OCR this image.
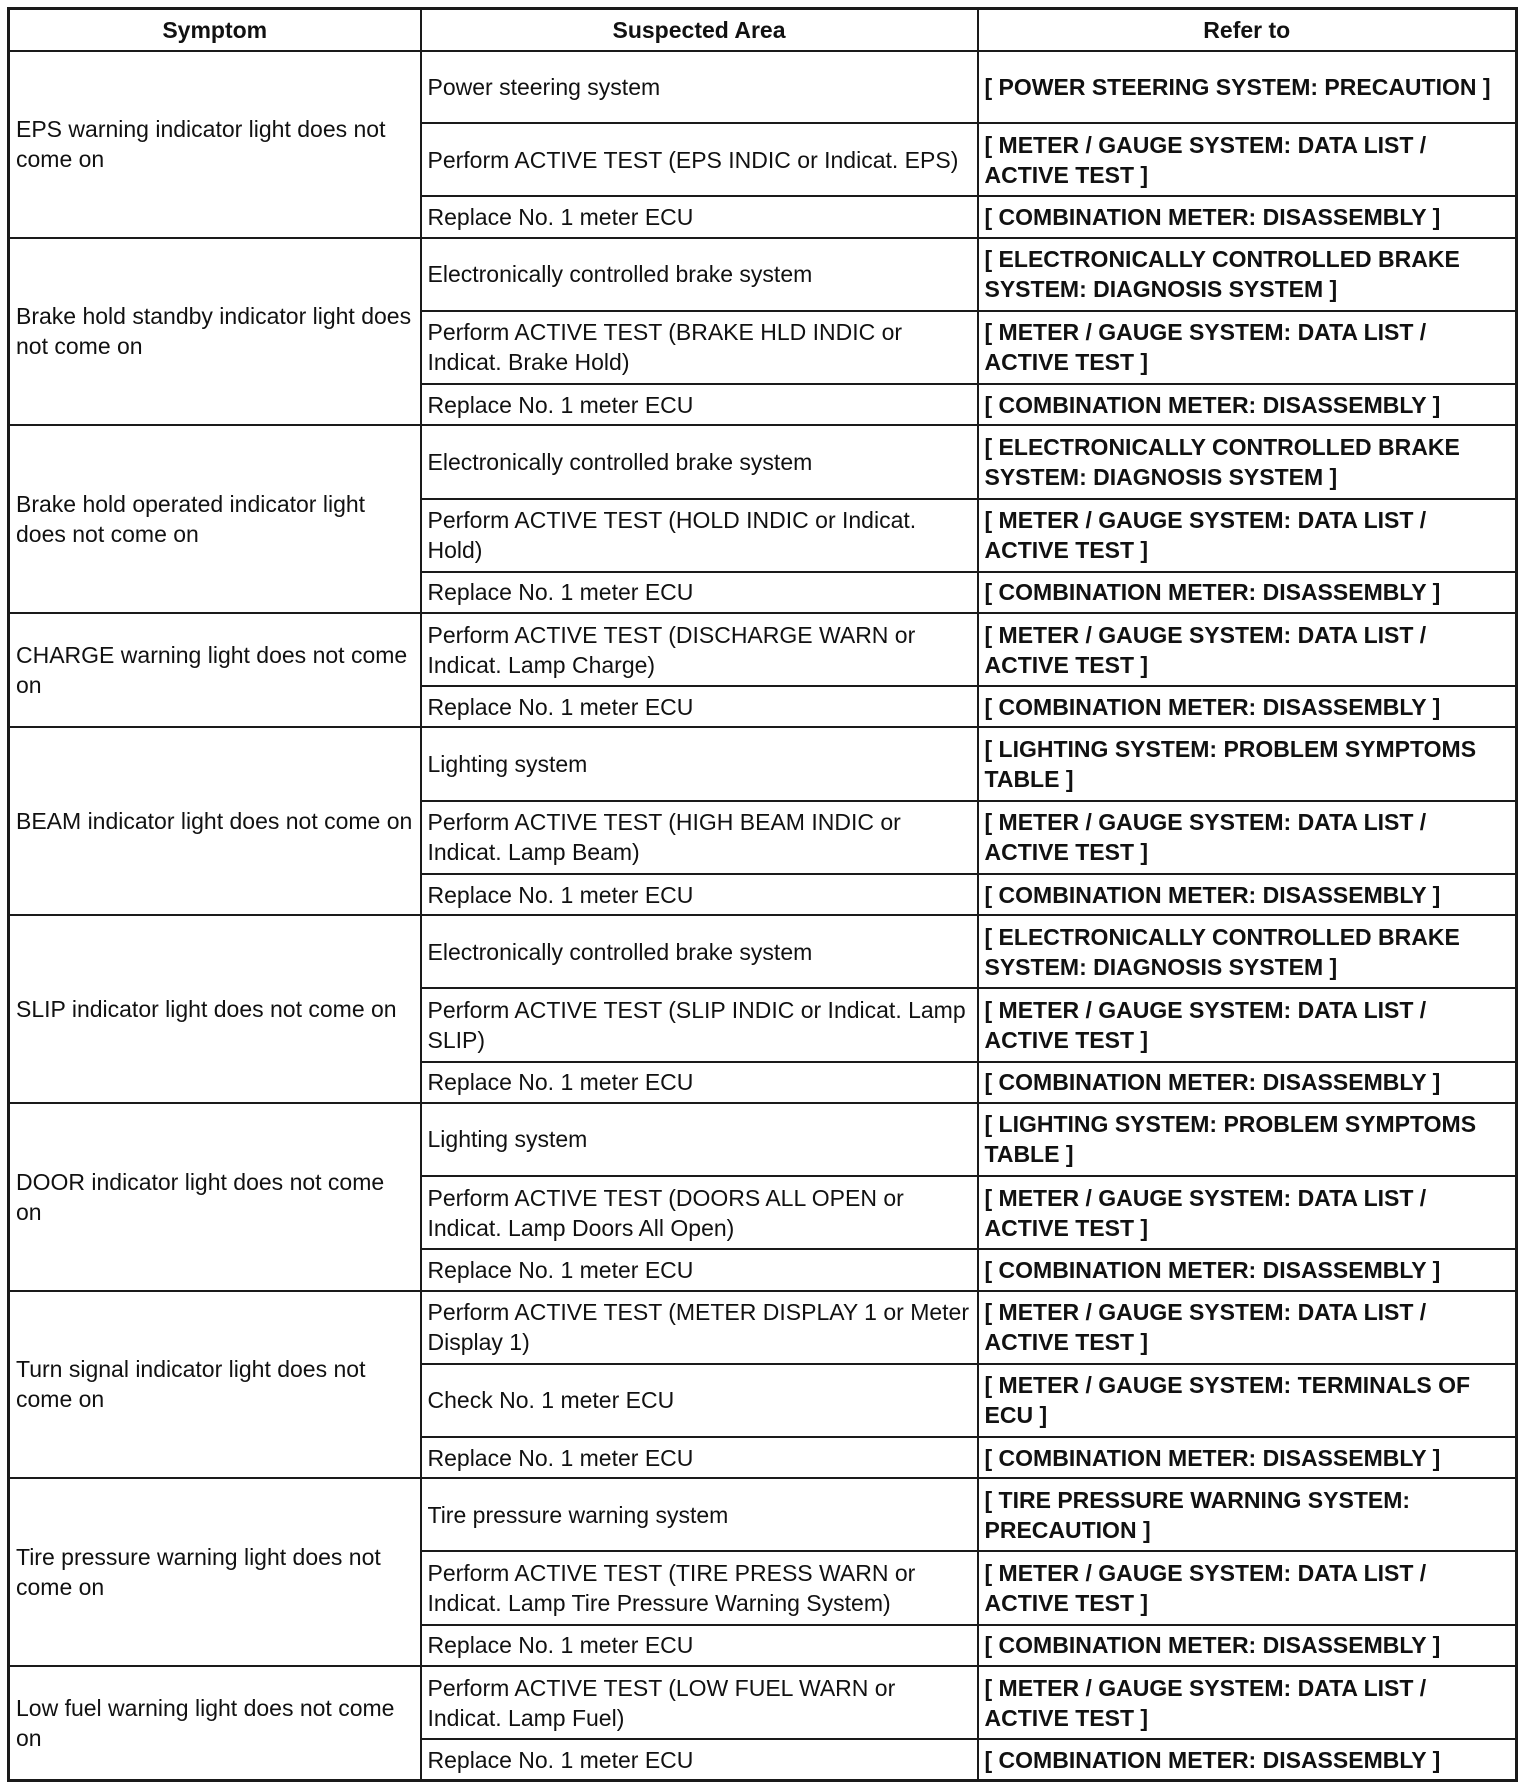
Symptom	Suspected Area	Refer to
EPS warning indicator light does not come on	Power steering system	[ POWER STEERING SYSTEM: PRECAUTION ]
	Perform ACTIVE TEST (EPS INDIC or Indicat. EPS)	[ METER / GAUGE SYSTEM: DATA LIST / ACTIVE TEST ]
	Replace No. 1 meter ECU	[ COMBINATION METER: DISASSEMBLY ]
Brake hold standby indicator light does not come on	Electronically controlled brake system	[ ELECTRONICALLY CONTROLLED BRAKE SYSTEM: DIAGNOSIS SYSTEM ]
	Perform ACTIVE TEST (BRAKE HLD INDIC or Indicat. Brake Hold)	[ METER / GAUGE SYSTEM: DATA LIST / ACTIVE TEST ]
	Replace No. 1 meter ECU	[ COMBINATION METER: DISASSEMBLY ]
Brake hold operated indicator light does not come on	Electronically controlled brake system	[ ELECTRONICALLY CONTROLLED BRAKE SYSTEM: DIAGNOSIS SYSTEM ]
	Perform ACTIVE TEST (HOLD INDIC or Indicat. Hold)	[ METER / GAUGE SYSTEM: DATA LIST / ACTIVE TEST ]
	Replace No. 1 meter ECU	[ COMBINATION METER: DISASSEMBLY ]
CHARGE warning light does not come on	Perform ACTIVE TEST (DISCHARGE WARN or Indicat. Lamp Charge)	[ METER / GAUGE SYSTEM: DATA LIST / ACTIVE TEST ]
	Replace No. 1 meter ECU	[ COMBINATION METER: DISASSEMBLY ]
BEAM indicator light does not come on	Lighting system	[ LIGHTING SYSTEM: PROBLEM SYMPTOMS TABLE ]
	Perform ACTIVE TEST (HIGH BEAM INDIC or Indicat. Lamp Beam)	[ METER / GAUGE SYSTEM: DATA LIST / ACTIVE TEST ]
	Replace No. 1 meter ECU	[ COMBINATION METER: DISASSEMBLY ]
SLIP indicator light does not come on	Electronically controlled brake system	[ ELECTRONICALLY CONTROLLED BRAKE SYSTEM: DIAGNOSIS SYSTEM ]
	Perform ACTIVE TEST (SLIP INDIC or Indicat. Lamp SLIP)	[ METER / GAUGE SYSTEM: DATA LIST / ACTIVE TEST ]
	Replace No. 1 meter ECU	[ COMBINATION METER: DISASSEMBLY ]
DOOR indicator light does not come on	Lighting system	[ LIGHTING SYSTEM: PROBLEM SYMPTOMS TABLE ]
	Perform ACTIVE TEST (DOORS ALL OPEN or Indicat. Lamp Doors All Open)	[ METER / GAUGE SYSTEM: DATA LIST / ACTIVE TEST ]
	Replace No. 1 meter ECU	[ COMBINATION METER: DISASSEMBLY ]
Turn signal indicator light does not come on	Perform ACTIVE TEST (METER DISPLAY 1 or Meter Display 1)	[ METER / GAUGE SYSTEM: DATA LIST / ACTIVE TEST ]
	Check No. 1 meter ECU	[ METER / GAUGE SYSTEM: TERMINALS OF ECU ]
	Replace No. 1 meter ECU	[ COMBINATION METER: DISASSEMBLY ]
Tire pressure warning light does not come on	Tire pressure warning system	[ TIRE PRESSURE WARNING SYSTEM: PRECAUTION ]
	Perform ACTIVE TEST (TIRE PRESS WARN or Indicat. Lamp Tire Pressure Warning System)	[ METER / GAUGE SYSTEM: DATA LIST / ACTIVE TEST ]
	Replace No. 1 meter ECU	[ COMBINATION METER: DISASSEMBLY ]
Low fuel warning light does not come on	Perform ACTIVE TEST (LOW FUEL WARN or Indicat. Lamp Fuel)	[ METER / GAUGE SYSTEM: DATA LIST / ACTIVE TEST ]
	Replace No. 1 meter ECU	[ COMBINATION METER: DISASSEMBLY ]
